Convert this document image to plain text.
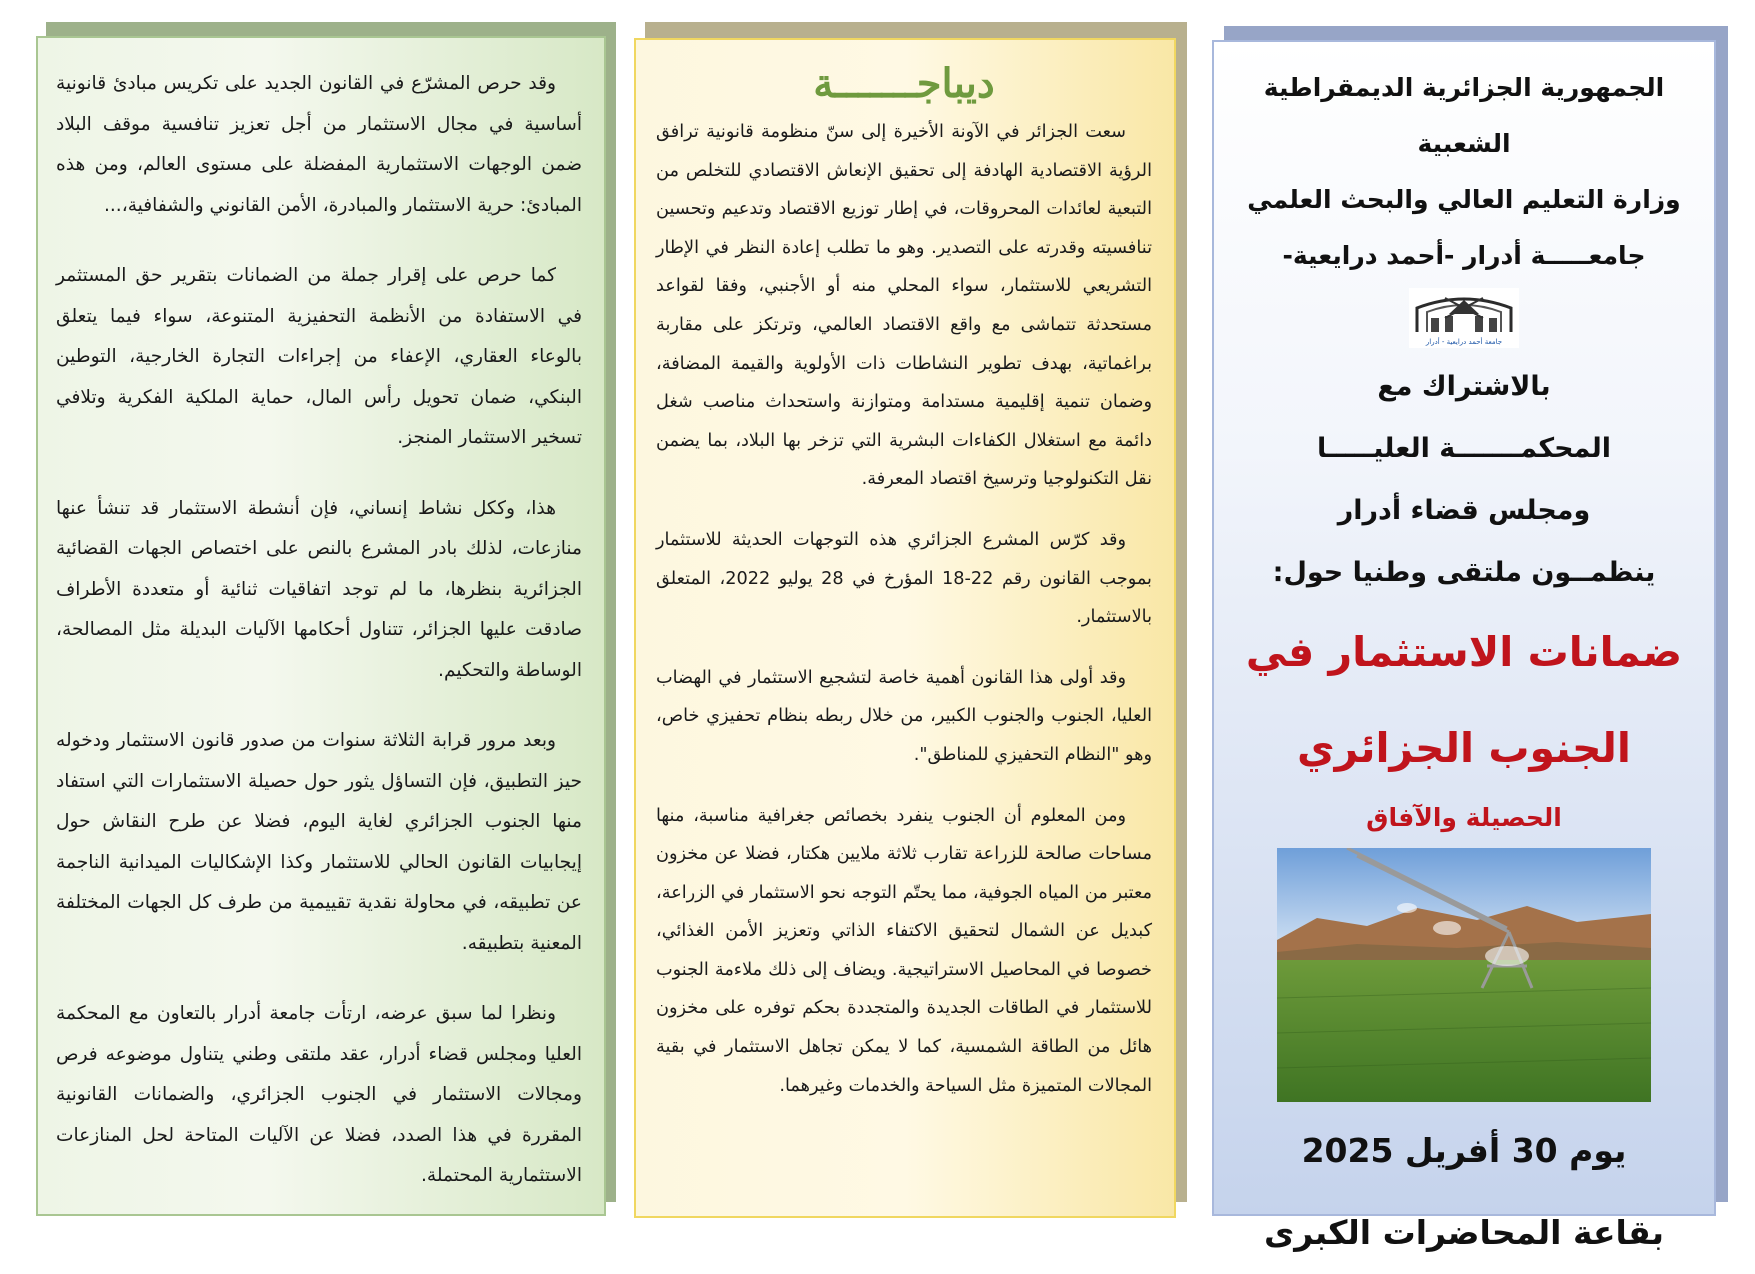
وقد حرص المشرّع في القانون الجديد على تكريس مبادئ قانونية أساسية في مجال الاستثمار من أجل تعزيز تنافسية موقف البلاد ضمن الوجهات الاستثمارية المفضلة على مستوى العالم، ومن هذه المبادئ: حرية الاستثمار والمبادرة، الأمن القانوني والشفافية،...

كما حرص على إقرار جملة من الضمانات بتقرير حق المستثمر في الاستفادة من الأنظمة التحفيزية المتنوعة، سواء فيما يتعلق بالوعاء العقاري، الإعفاء من إجراءات التجارة الخارجية، التوطين البنكي، ضمان تحويل رأس المال، حماية الملكية الفكرية وتلافي تسخير الاستثمار المنجز.

هذا، وككل نشاط إنساني، فإن أنشطة الاستثمار قد تنشأ عنها منازعات، لذلك بادر المشرع بالنص على اختصاص الجهات القضائية الجزائرية بنظرها، ما لم توجد اتفاقيات ثنائية أو متعددة الأطراف صادقت عليها الجزائر، تتناول أحكامها الآليات البديلة مثل المصالحة، الوساطة والتحكيم.

وبعد مرور قرابة الثلاثة سنوات من صدور قانون الاستثمار ودخوله حيز التطبيق، فإن التساؤل يثور حول حصيلة الاستثمارات التي استفاد منها الجنوب الجزائري لغاية اليوم، فضلا عن طرح النقاش حول إيجابيات القانون الحالي للاستثمار وكذا الإشكاليات الميدانية الناجمة عن تطبيقه، في محاولة نقدية تقييمية من طرف كل الجهات المختلفة المعنية بتطبيقه.

ونظرا لما سبق عرضه، ارتأت جامعة أدرار بالتعاون مع المحكمة العليا ومجلس قضاء أدرار، عقد ملتقى وطني يتناول موضوعه فرص ومجالات الاستثمار في الجنوب الجزائري، والضمانات القانونية المقررة في هذا الصدد، فضلا عن الآليات المتاحة لحل المنازعات الاستثمارية المحتملة.

ديباجـــــــة

سعت الجزائر في الآونة الأخيرة إلى سنّ منظومة قانونية ترافق الرؤية الاقتصادية الهادفة إلى تحقيق الإنعاش الاقتصادي للتخلص من التبعية لعائدات المحروقات، في إطار توزيع الاقتصاد وتدعيم وتحسين تنافسيته وقدرته على التصدير. وهو ما تطلب إعادة النظر في الإطار التشريعي للاستثمار، سواء المحلي منه أو الأجنبي، وفقا لقواعد مستحدثة تتماشى مع واقع الاقتصاد العالمي، وترتكز على مقاربة براغماتية، بهدف تطوير النشاطات ذات الأولوية والقيمة المضافة، وضمان تنمية إقليمية مستدامة ومتوازنة واستحداث مناصب شغل دائمة مع استغلال الكفاءات البشرية التي تزخر بها البلاد، بما يضمن نقل التكنولوجيا وترسيخ اقتصاد المعرفة.

وقد كرّس المشرع الجزائري هذه التوجهات الحديثة للاستثمار بموجب القانون رقم 22-18 المؤرخ في 28 يوليو 2022، المتعلق بالاستثمار.

وقد أولى هذا القانون أهمية خاصة لتشجيع الاستثمار في الهضاب العليا، الجنوب والجنوب الكبير، من خلال ربطه بنظام تحفيزي خاص، وهو "النظام التحفيزي للمناطق".

ومن المعلوم أن الجنوب ينفرد بخصائص جغرافية مناسبة، منها مساحات صالحة للزراعة تقارب ثلاثة ملايين هكتار، فضلا عن مخزون معتبر من المياه الجوفية، مما يحتّم التوجه نحو الاستثمار في الزراعة، كبديل عن الشمال لتحقيق الاكتفاء الذاتي وتعزيز الأمن الغذائي، خصوصا في المحاصيل الاستراتيجية. ويضاف إلى ذلك ملاءمة الجنوب للاستثمار في الطاقات الجديدة والمتجددة بحكم توفره على مخزون هائل من الطاقة الشمسية، كما لا يمكن تجاهل الاستثمار في بقية المجالات المتميزة مثل السياحة والخدمات وغيرهما.

الجمهورية الجزائرية الديمقراطية الشعبية

وزارة التعليم العالي والبحث العلمي

جامعـــــة أدرار -أحمد درايعية-

جامعة أحمد درايعية - أدرار

بالاشتراك مع

المحكمـــــــة العليـــــا

ومجلس قضاء أدرار

ينظمــون ملتقى وطنيا حول:

ضمانات الاستثمار في

الجنوب الجزائري

الحصيلة والآفاق

يوم 30 أفريل 2025

بقاعة المحاضرات الكبرى
